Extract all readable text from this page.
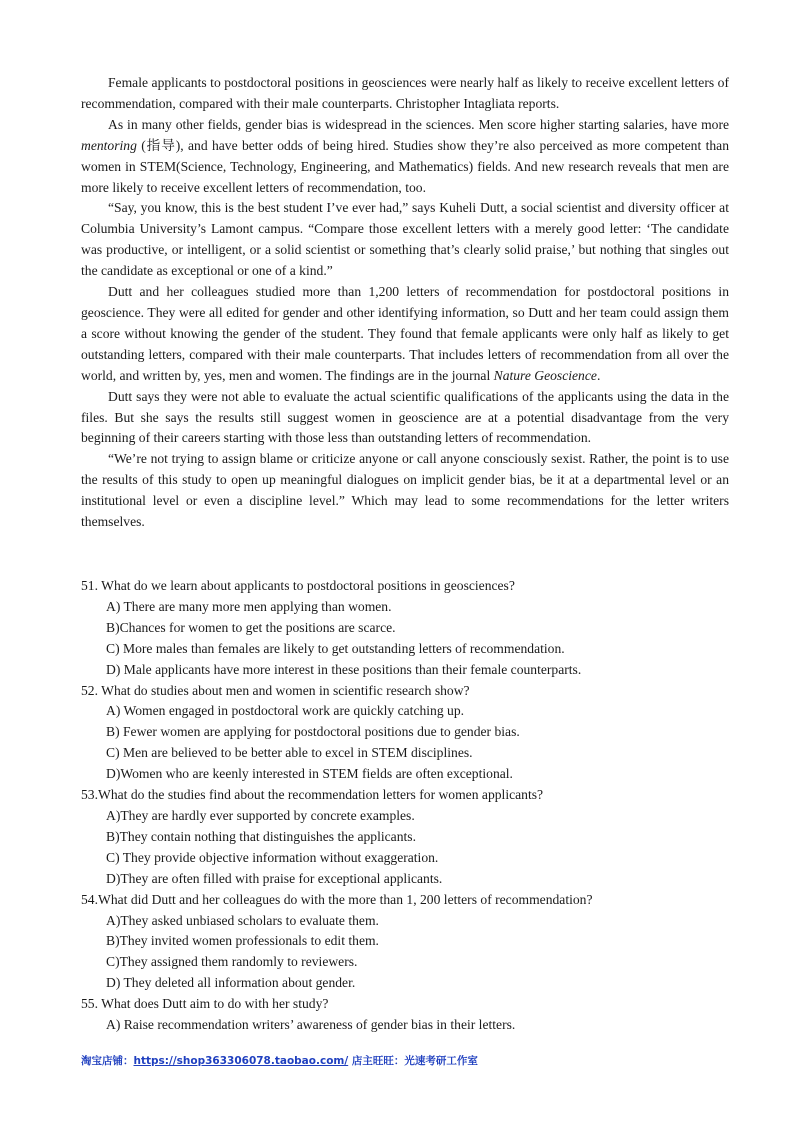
Female applicants to postdoctoral positions in geosciences were nearly half as likely to receive excellent letters of recommendation, compared with their male counterparts. Christopher Intagliata reports.

As in many other fields, gender bias is widespread in the sciences. Men score higher starting salaries, have more mentoring (指导), and have better odds of being hired. Studies show they’re also perceived as more competent than women in STEM(Science, Technology, Engineering, and Mathematics) fields. And new research reveals that men are more likely to receive excellent letters of recommendation, too.

“Say, you know, this is the best student I’ve ever had,” says Kuheli Dutt, a social scientist and diversity officer at Columbia University’s Lamont campus. “Compare those excellent letters with a merely good letter: ‘The candidate was productive, or intelligent, or a solid scientist or something that’s clearly solid praise,’ but nothing that singles out the candidate as exceptional or one of a kind.”

Dutt and her colleagues studied more than 1,200 letters of recommendation for postdoctoral positions in geoscience. They were all edited for gender and other identifying information, so Dutt and her team could assign them a score without knowing the gender of the student. They found that female applicants were only half as likely to get outstanding letters, compared with their male counterparts. That includes letters of recommendation from all over the world, and written by, yes, men and women. The findings are in the journal Nature Geoscience.

Dutt says they were not able to evaluate the actual scientific qualifications of the applicants using the data in the files. But she says the results still suggest women in geoscience are at a potential disadvantage from the very beginning of their careers starting with those less than outstanding letters of recommendation.

“We’re not trying to assign blame or criticize anyone or call anyone consciously sexist. Rather, the point is to use the results of this study to open up meaningful dialogues on implicit gender bias, be it at a departmental level or an institutional level or even a discipline level.” Which may lead to some recommendations for the letter writers themselves.

51. What do we learn about applicants to postdoctoral positions in geosciences?

A) There are many more men applying than women.

B)Chances for women to get the positions are scarce.

C) More males than females are likely to get outstanding letters of recommendation.

D) Male applicants have more interest in these positions than their female counterparts.

52. What do studies about men and women in scientific research show?

A) Women engaged in postdoctoral work are quickly catching up.

B) Fewer women are applying for postdoctoral positions due to gender bias.

C) Men are believed to be better able to excel in STEM disciplines.

D)Women who are keenly interested in STEM fields are often exceptional.

53.What do the studies find about the recommendation letters for women applicants?

A)They are hardly ever supported by concrete examples.

B)They contain nothing that distinguishes the applicants.

C) They provide objective information without exaggeration.

D)They are often filled with praise for exceptional applicants.

54.What did Dutt and her colleagues do with the more than 1, 200 letters of recommendation?

A)They asked unbiased scholars to evaluate them.

B)They invited women professionals to edit them.

C)They assigned them randomly to reviewers.

D) They deleted all information about gender.

55. What does Dutt aim to do with her study?

A) Raise recommendation writers’ awareness of gender bias in their letters.

淘宝店铺：https://shop363306078.taobao.com/ 店主旺旺：光速考研工作室
